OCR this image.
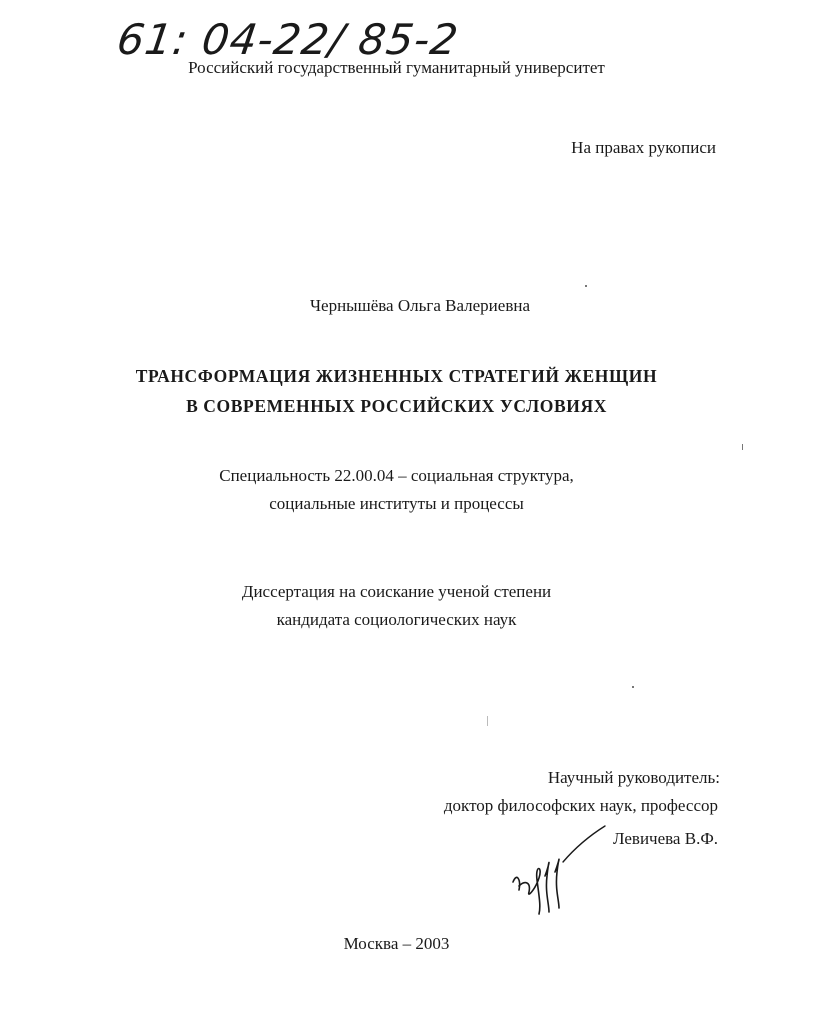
61: 04-22/ 85-2
Российский государственный гуманитарный университет
На правах рукописи
Чернышёва Ольга Валериевна
ТРАНСФОРМАЦИЯ ЖИЗНЕННЫХ СТРАТЕГИЙ ЖЕНЩИН
В СОВРЕМЕННЫХ РОССИЙСКИХ УСЛОВИЯХ
Специальность 22.00.04 – социальная структура,
социальные институты и процессы
Диссертация на соискание ученой степени
кандидата социологических наук
Научный руководитель:
доктор философских наук, профессор
Левичева В.Ф.
Москва – 2003
